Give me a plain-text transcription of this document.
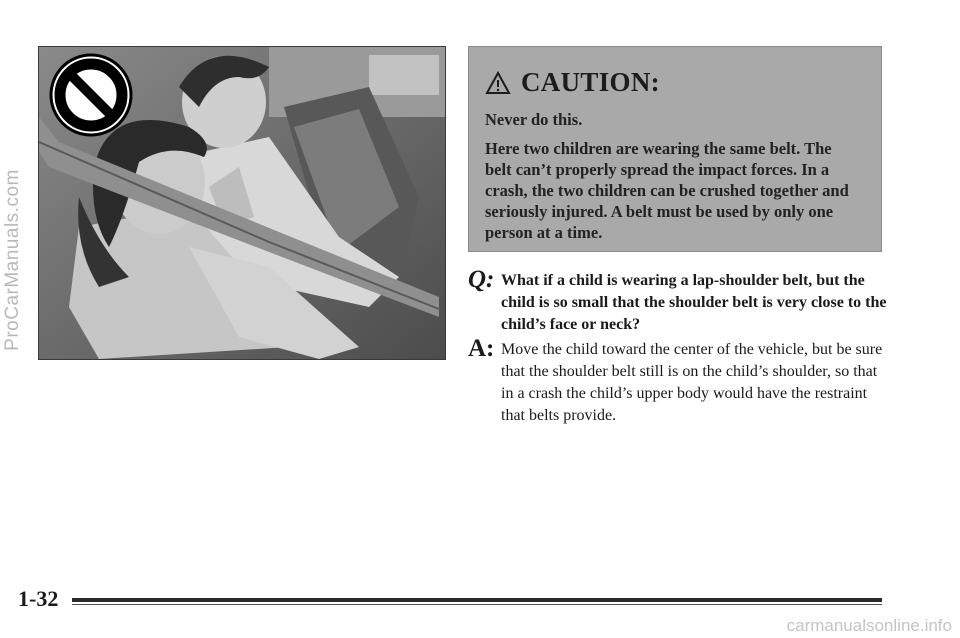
ProCarManuals.com
CAUTION:

Never do this.

Here two children are wearing the same belt. The belt can’t properly spread the impact forces. In a crash, the two children can be crushed together and seriously injured. A belt must be used by only one person at a time.

Q: What if a child is wearing a lap-shoulder belt, but the child is so small that the shoulder belt is very close to the child’s face or neck?
A: Move the child toward the center of the vehicle, but be sure that the shoulder belt still is on the child’s shoulder, so that in a crash the child’s upper body would have the restraint that belts provide.
1-32
carmanualsonline.info
